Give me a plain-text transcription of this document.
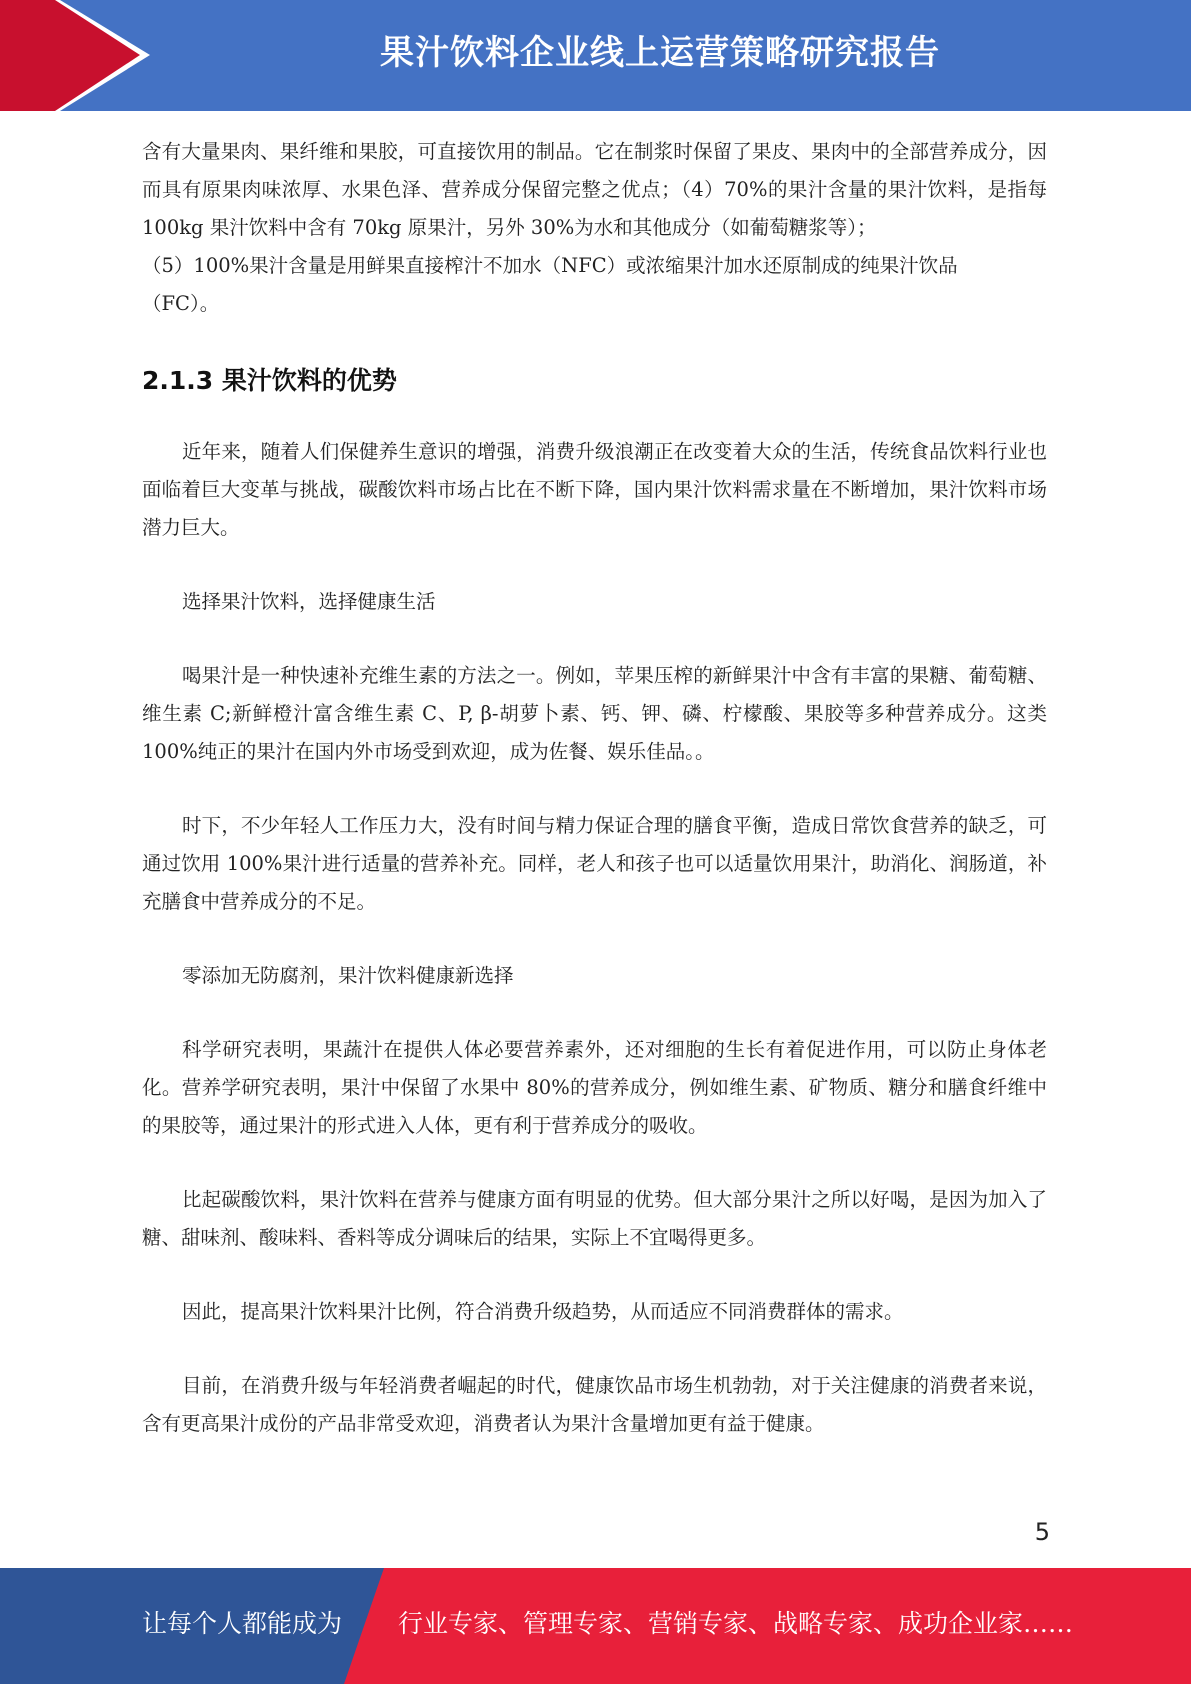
果汁饮料企业线上运营策略研究报告

含有大量果肉、果纤维和果胶，可直接饮用的制品。它在制浆时保留了果皮、果肉中的全部营养成分，因而具有原果肉味浓厚、水果色泽、营养成分保留完整之优点；（4）70%的果汁含量的果汁饮料，是指每 100kg 果汁饮料中含有 70kg 原果汁，另外 30%为水和其他成分（如葡萄糖浆等）；

（5）100%果汁含量是用鲜果直接榨汁不加水（NFC）或浓缩果汁加水还原制成的纯果汁饮品

（FC）。

2.1.3 果汁饮料的优势

近年来，随着人们保健养生意识的增强，消费升级浪潮正在改变着大众的生活，传统食品饮料行业也面临着巨大变革与挑战，碳酸饮料市场占比在不断下降，国内果汁饮料需求量在不断增加，果汁饮料市场潜力巨大。

选择果汁饮料，选择健康生活

喝果汁是一种快速补充维生素的方法之一。例如，苹果压榨的新鲜果汁中含有丰富的果糖、葡萄糖、维生素 C;新鲜橙汁富含维生素 C、P, β-胡萝卜素、钙、钾、磷、柠檬酸、果胶等多种营养成分。这类 100%纯正的果汁在国内外市场受到欢迎，成为佐餐、娱乐佳品。。

时下，不少年轻人工作压力大，没有时间与精力保证合理的膳食平衡，造成日常饮食营养的缺乏，可通过饮用 100%果汁进行适量的营养补充。同样，老人和孩子也可以适量饮用果汁，助消化、润肠道，补充膳食中营养成分的不足。

零添加无防腐剂，果汁饮料健康新选择

科学研究表明，果蔬汁在提供人体必要营养素外，还对细胞的生长有着促进作用，可以防止身体老化。营养学研究表明，果汁中保留了水果中 80%的营养成分，例如维生素、矿物质、糖分和膳食纤维中的果胶等，通过果汁的形式进入人体，更有利于营养成分的吸收。

比起碳酸饮料，果汁饮料在营养与健康方面有明显的优势。但大部分果汁之所以好喝，是因为加入了糖、甜味剂、酸味料、香料等成分调味后的结果，实际上不宜喝得更多。

因此，提高果汁饮料果汁比例，符合消费升级趋势，从而适应不同消费群体的需求。

目前，在消费升级与年轻消费者崛起的时代，健康饮品市场生机勃勃，对于关注健康的消费者来说，含有更高果汁成份的产品非常受欢迎，消费者认为果汁含量增加更有益于健康。

5
让每个人都能成为 行业专家、管理专家、营销专家、战略专家、成功企业家……
